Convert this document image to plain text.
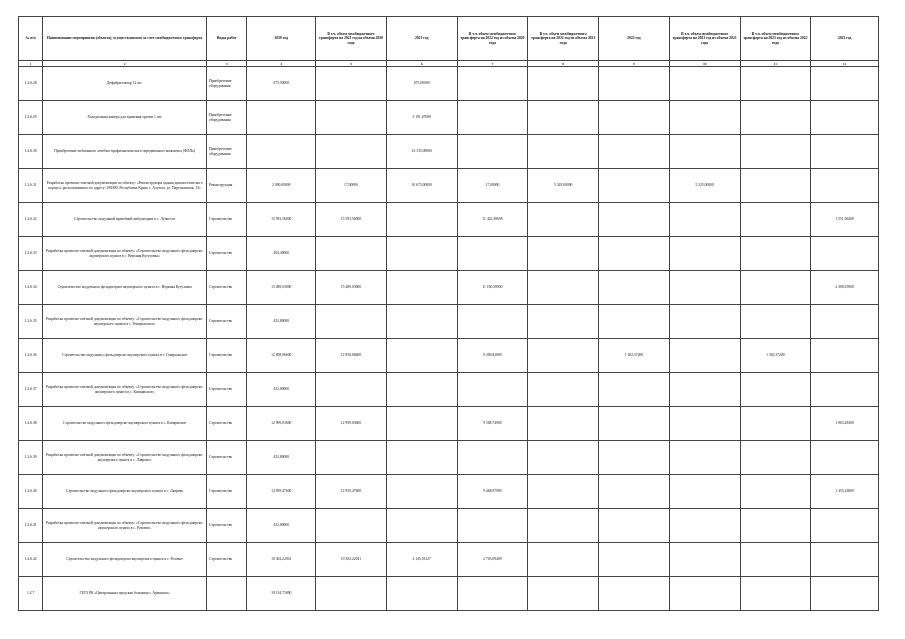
№ п/п	Наименование мероприятия (объекта), осуществляемого за счет межбюджетного трансферта	Виды работ	2020 год	В т.ч. объем межбюджетного трансферта на 2021 год из объема 2020 года	2021 год	В т.ч. объем межбюджетного трансферта на 2022 год из объема 2020 года	В т.ч. объем межбюджетного трансферта на 2022 год из объема 2021 года	2022 год	В т.ч. объем межбюджетного трансферта на 2023 год из объема 2021 года	В т.ч. объем межбюджетного трансферта на 2023 год из объема 2022 года	2023 год
1	2	3	4	5	6	7	8	9	10	11	12
1.2.6.28	Дефибриллятор 12 шт.	Приобретение оборудования	675,50000		675,00000						
1.2.6.29	Холодильная камера для хранения трупов 1 шт.	Приобретение оборудования			3 191,67000						
1.2.6.30	Приобретение мобильного лечебно-профилактического передвижного комплекса (ФАПа)	Приобретение оборудования			12 135,00000						
1.2.6.31	Разработка проектно-сметной документации по объекту: «Реконструкция здания диагностического корпуса, расположенного по адресу: 298390, Республика Крым, г. Алушта, ул. Партизанская, 13»	Реконструкция	2 490,00000	17,00000	10 675,00000	17,00000	5 329,00000		5 325,00000		
1.2.6.32	Строительство модульной врачебной амбулатории в с. Лучистое	Строительство	15 593,56000	15 593,56000		11 425,38658					1 551,96400
1.2.6.33	Разработка проектно-сметной документации по объекту: «Строительство модульного фельдшерско-акушерского пункта в с. Верхняя Кутузовка»	Строительство	494,40000								
1.2.6.34	Строительство модульного фельдшерско-акушерского пункта в с. Верхняя Кутузовка	Строительство	15 489,03000	15 489,03000		11 160,58900					2 308,67600
1.2.6.35	Разработка проектно-сметной документации по объекту: «Строительство модульного фельдшерско-акушерского пункта в с. Генеральское»	Строительство	432,80000								
1.2.6.36	Строительство модульного фельдшерско-акушерского пункта в с. Генеральское	Строительство	12 858,06600	12 858,06600		9 309,82800		1 302,37200		1 302,37200	
1.2.6.37	Разработка проектно-сметной документации по объекту: «Строительство модульного фельдшерско-акушерского пункта в с. Кипарисное»	Строительство	432,80000								
1.2.6.38	Строительство модульного фельдшерско-акушерского пункта в с. Кипарисное	Строительство	12 999,03600	12 999,03600		9 588,74900					1 863,28300
1.2.6.39	Разработка проектно-сметной документации по объекту: «Строительство модульного фельдшерско-акушерского пункта в с. Лаврово»	Строительство	432,80000								
1.2.6.40	Строительство модульного фельдшерско-акушерского пункта в с. Лаврово	Строительство	12 959,47600	12 959,47600		9 468,97900					1 455,43800
1.2.6.41	Разработка проектно-сметной документации по объекту: «Строительство модульного фельдшерско-акушерского пункта в с. Розовое»	Строительство	432,80000								
1.2.6.42	Строительство модульного фельдшерско-акушерского пункта в с. Розовое	Строительство	10 302,22941	10 302,22941	2 145,01127	2 703,09409					
1.2.7	ГБУЗ РК «Центральная городская больница г. Армянска»		19 134,75000								
